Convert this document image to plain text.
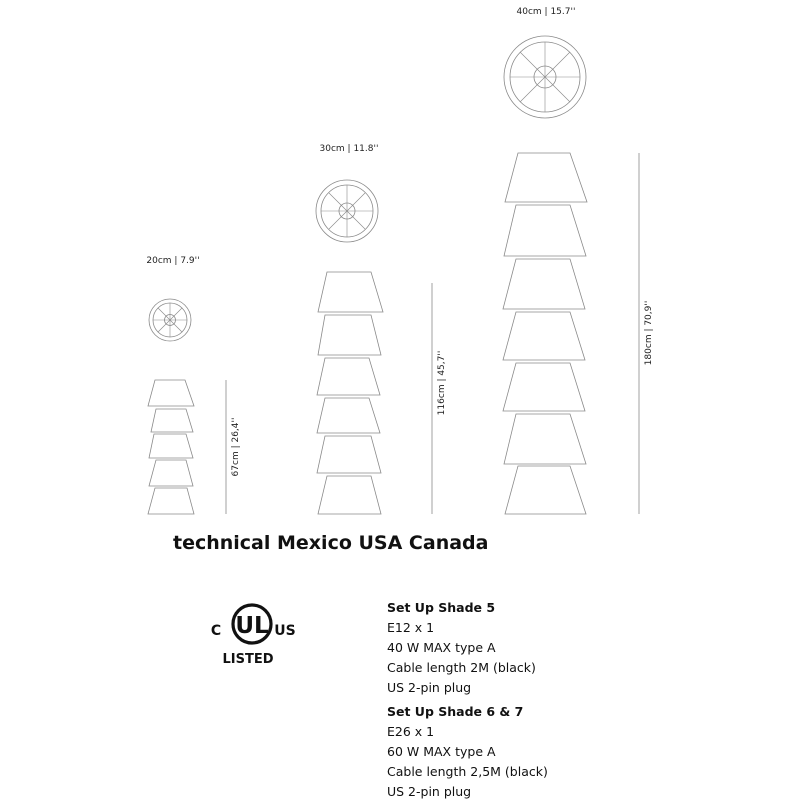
20cm | 7.9''
67cm | 26,4''
30cm | 11.8''
116cm | 45,7''
40cm | 15.7''
180cm | 70,9''
technical Mexico USA Canada
UL
C	US
LISTED
Set Up Shade 5
E12 x 1
40 W MAX type A
Cable length 2M (black)
US 2-pin plug
Set Up Shade 6 & 7
E26 x 1
60 W MAX type A
Cable length 2,5M (black)
US 2-pin plug
